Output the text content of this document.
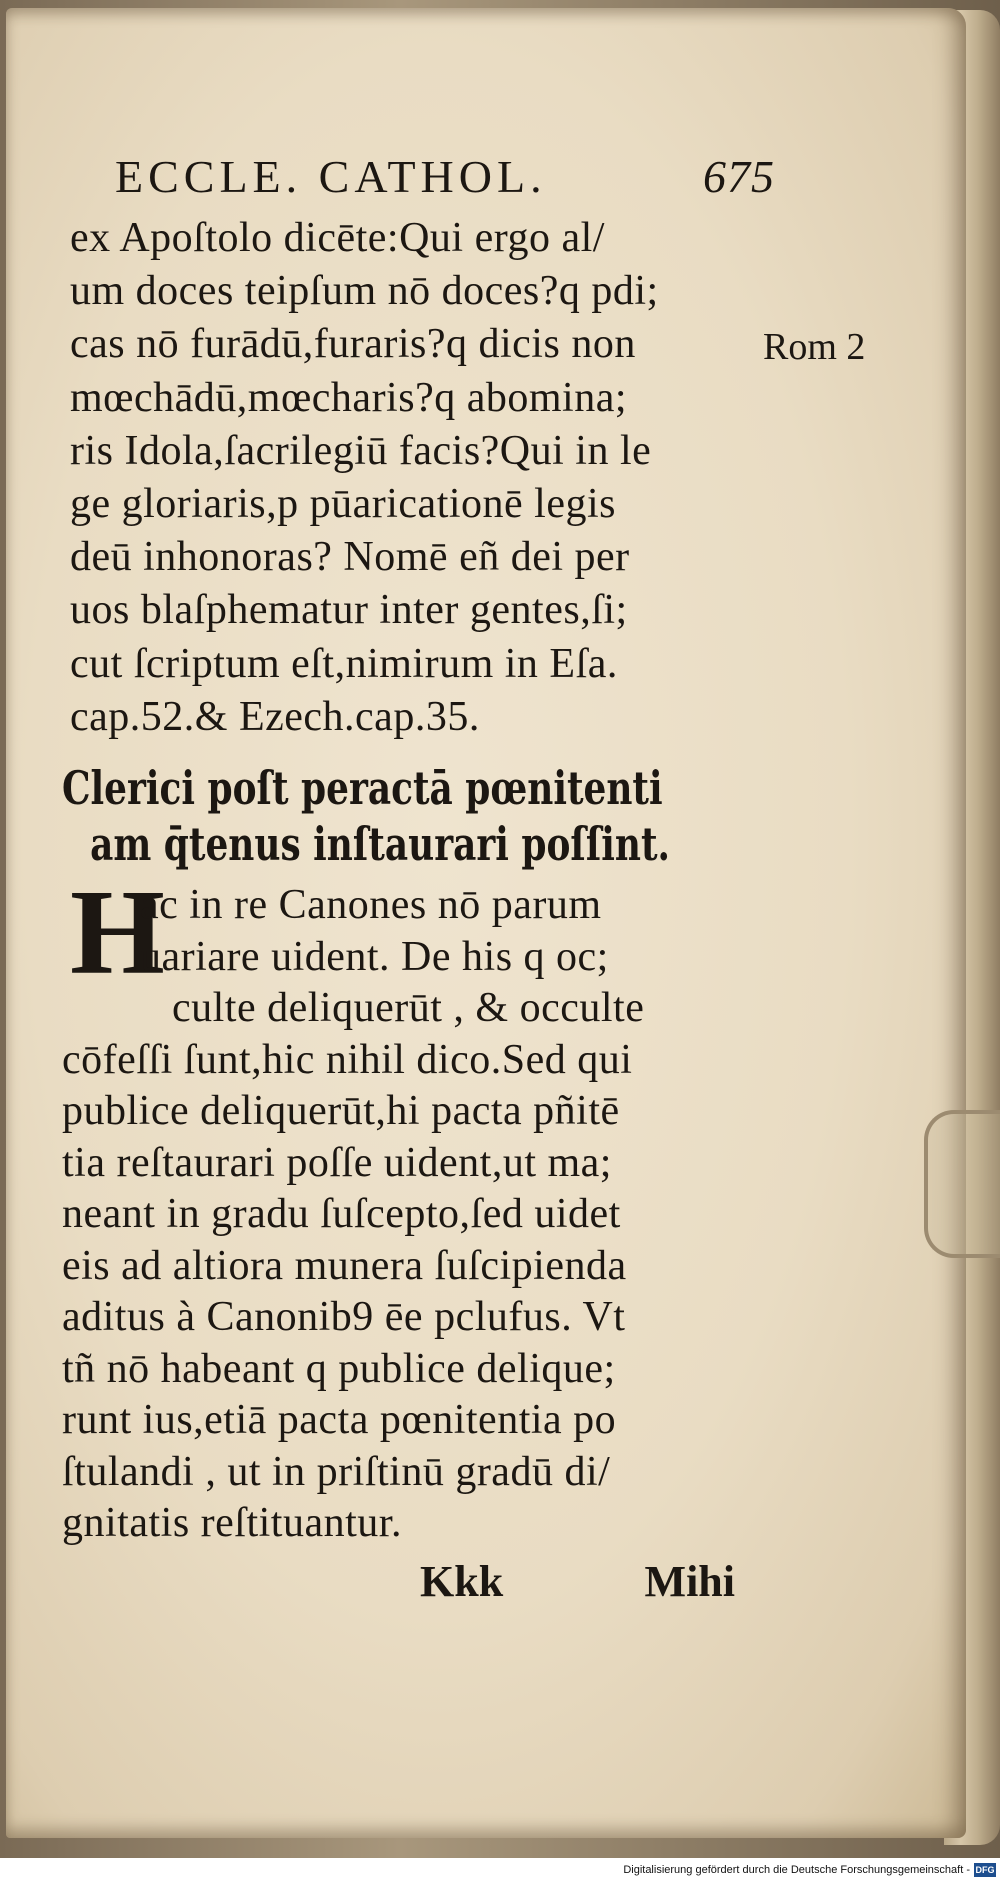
ECCLE. CATHOL.	675
ex Apoſtolo dicēte:Qui ergo al/
um doces teipſum nō doces?q pdi;
cas nō furādū,furaris?q dicis non
mœchādū,mœcharis?q abomina;
ris Idola,ſacrilegiū facis?Qui in le
ge gloriaris,p pūaricationē legis
deū inhonoras? Nomē eñ dei per
uos blaſphematur inter gentes,ſi;
cut ſcriptum eſt,nimirum in Eſa.
cap.52.& Ezech.cap.35.
Rom 2
Clerici poſt peractā pœnitenti
am q̄tenus inſtaurari poſſint.
H
ac in re Canones nō parum
uariare uident. De his q oc;
culte deliquerūt , & occulte
cōfeſſi ſunt,hic nihil dico.Sed qui
publice deliquerūt,hi pacta pñitē
tia reſtaurari poſſe uident,ut ma;
neant in gradu ſuſcepto,ſed uidet
eis ad altiora munera ſuſcipienda
aditus à Canonib9 ēe pclufus. Vt
tñ nō habeant q publice delique;
runt ius,etiā pacta pœnitentia po
ſtulandi , ut in priſtinū gradū di/
gnitatis reſtituantur.
Kkk	Mihi
Digitalisierung gefördert durch die Deutsche Forschungsgemeinschaft - DFG
